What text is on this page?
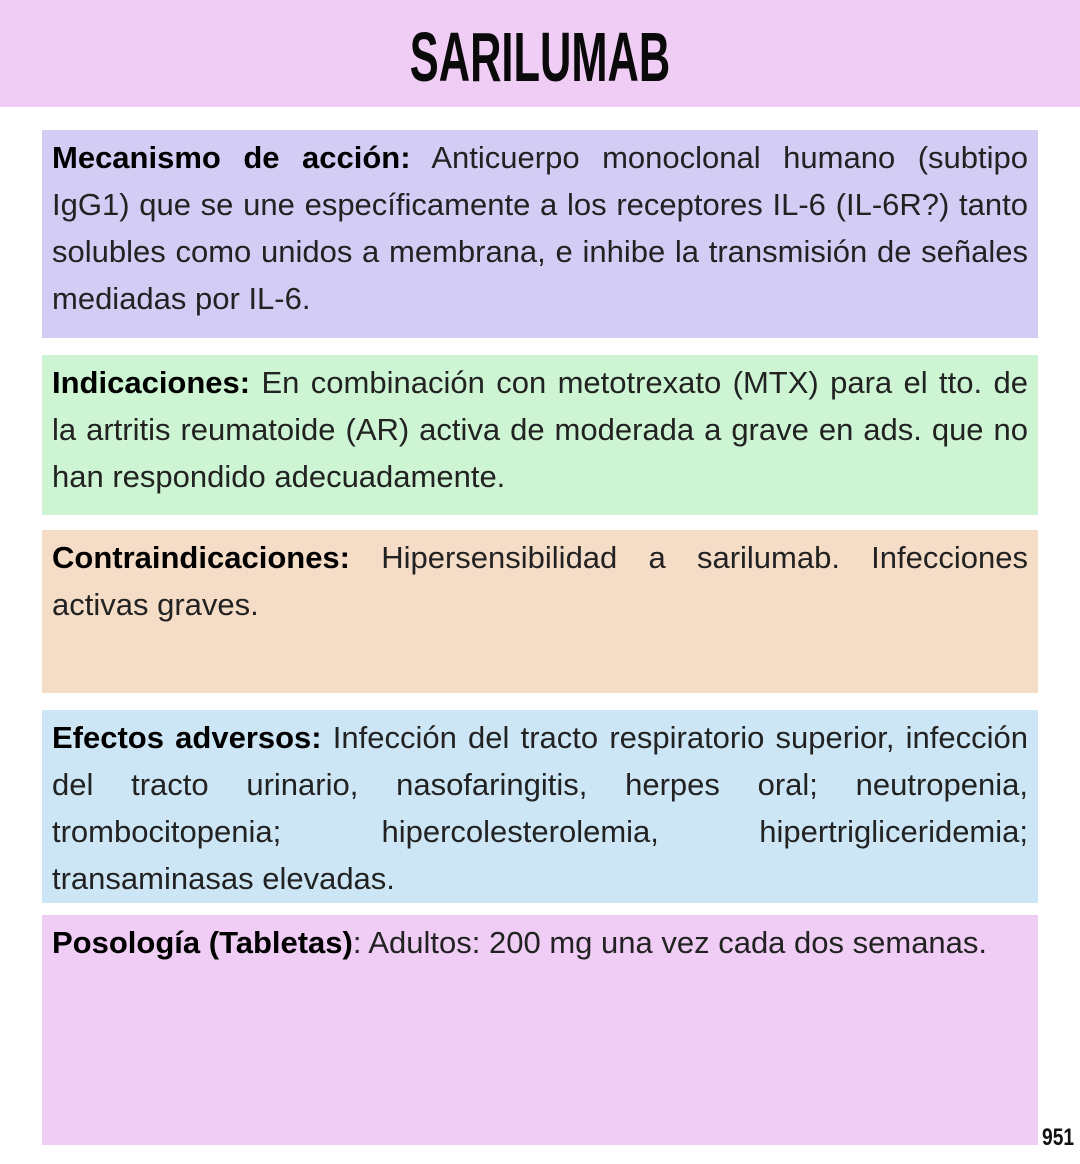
SARILUMAB
Mecanismo de acción: Anticuerpo monoclonal humano (subtipo IgG1) que se une específicamente a los receptores IL-6 (IL-6R?) tanto solubles como unidos a membrana, e inhibe la transmisión de señales mediadas por IL-6.
Indicaciones: En combinación con metotrexato (MTX) para el tto. de la artritis reumatoide (AR) activa de moderada a grave en ads. que no han respondido adecuadamente.
Contraindicaciones: Hipersensibilidad a sarilumab. Infecciones activas graves.
Efectos adversos: Infección del tracto respiratorio superior, infección del tracto urinario, nasofaringitis, herpes oral; neutropenia, trombocitopenia; hipercolesterolemia, hipertrigliceridemia; transaminasas elevadas.
Posología (Tabletas): Adultos: 200 mg una vez cada dos semanas.
951
